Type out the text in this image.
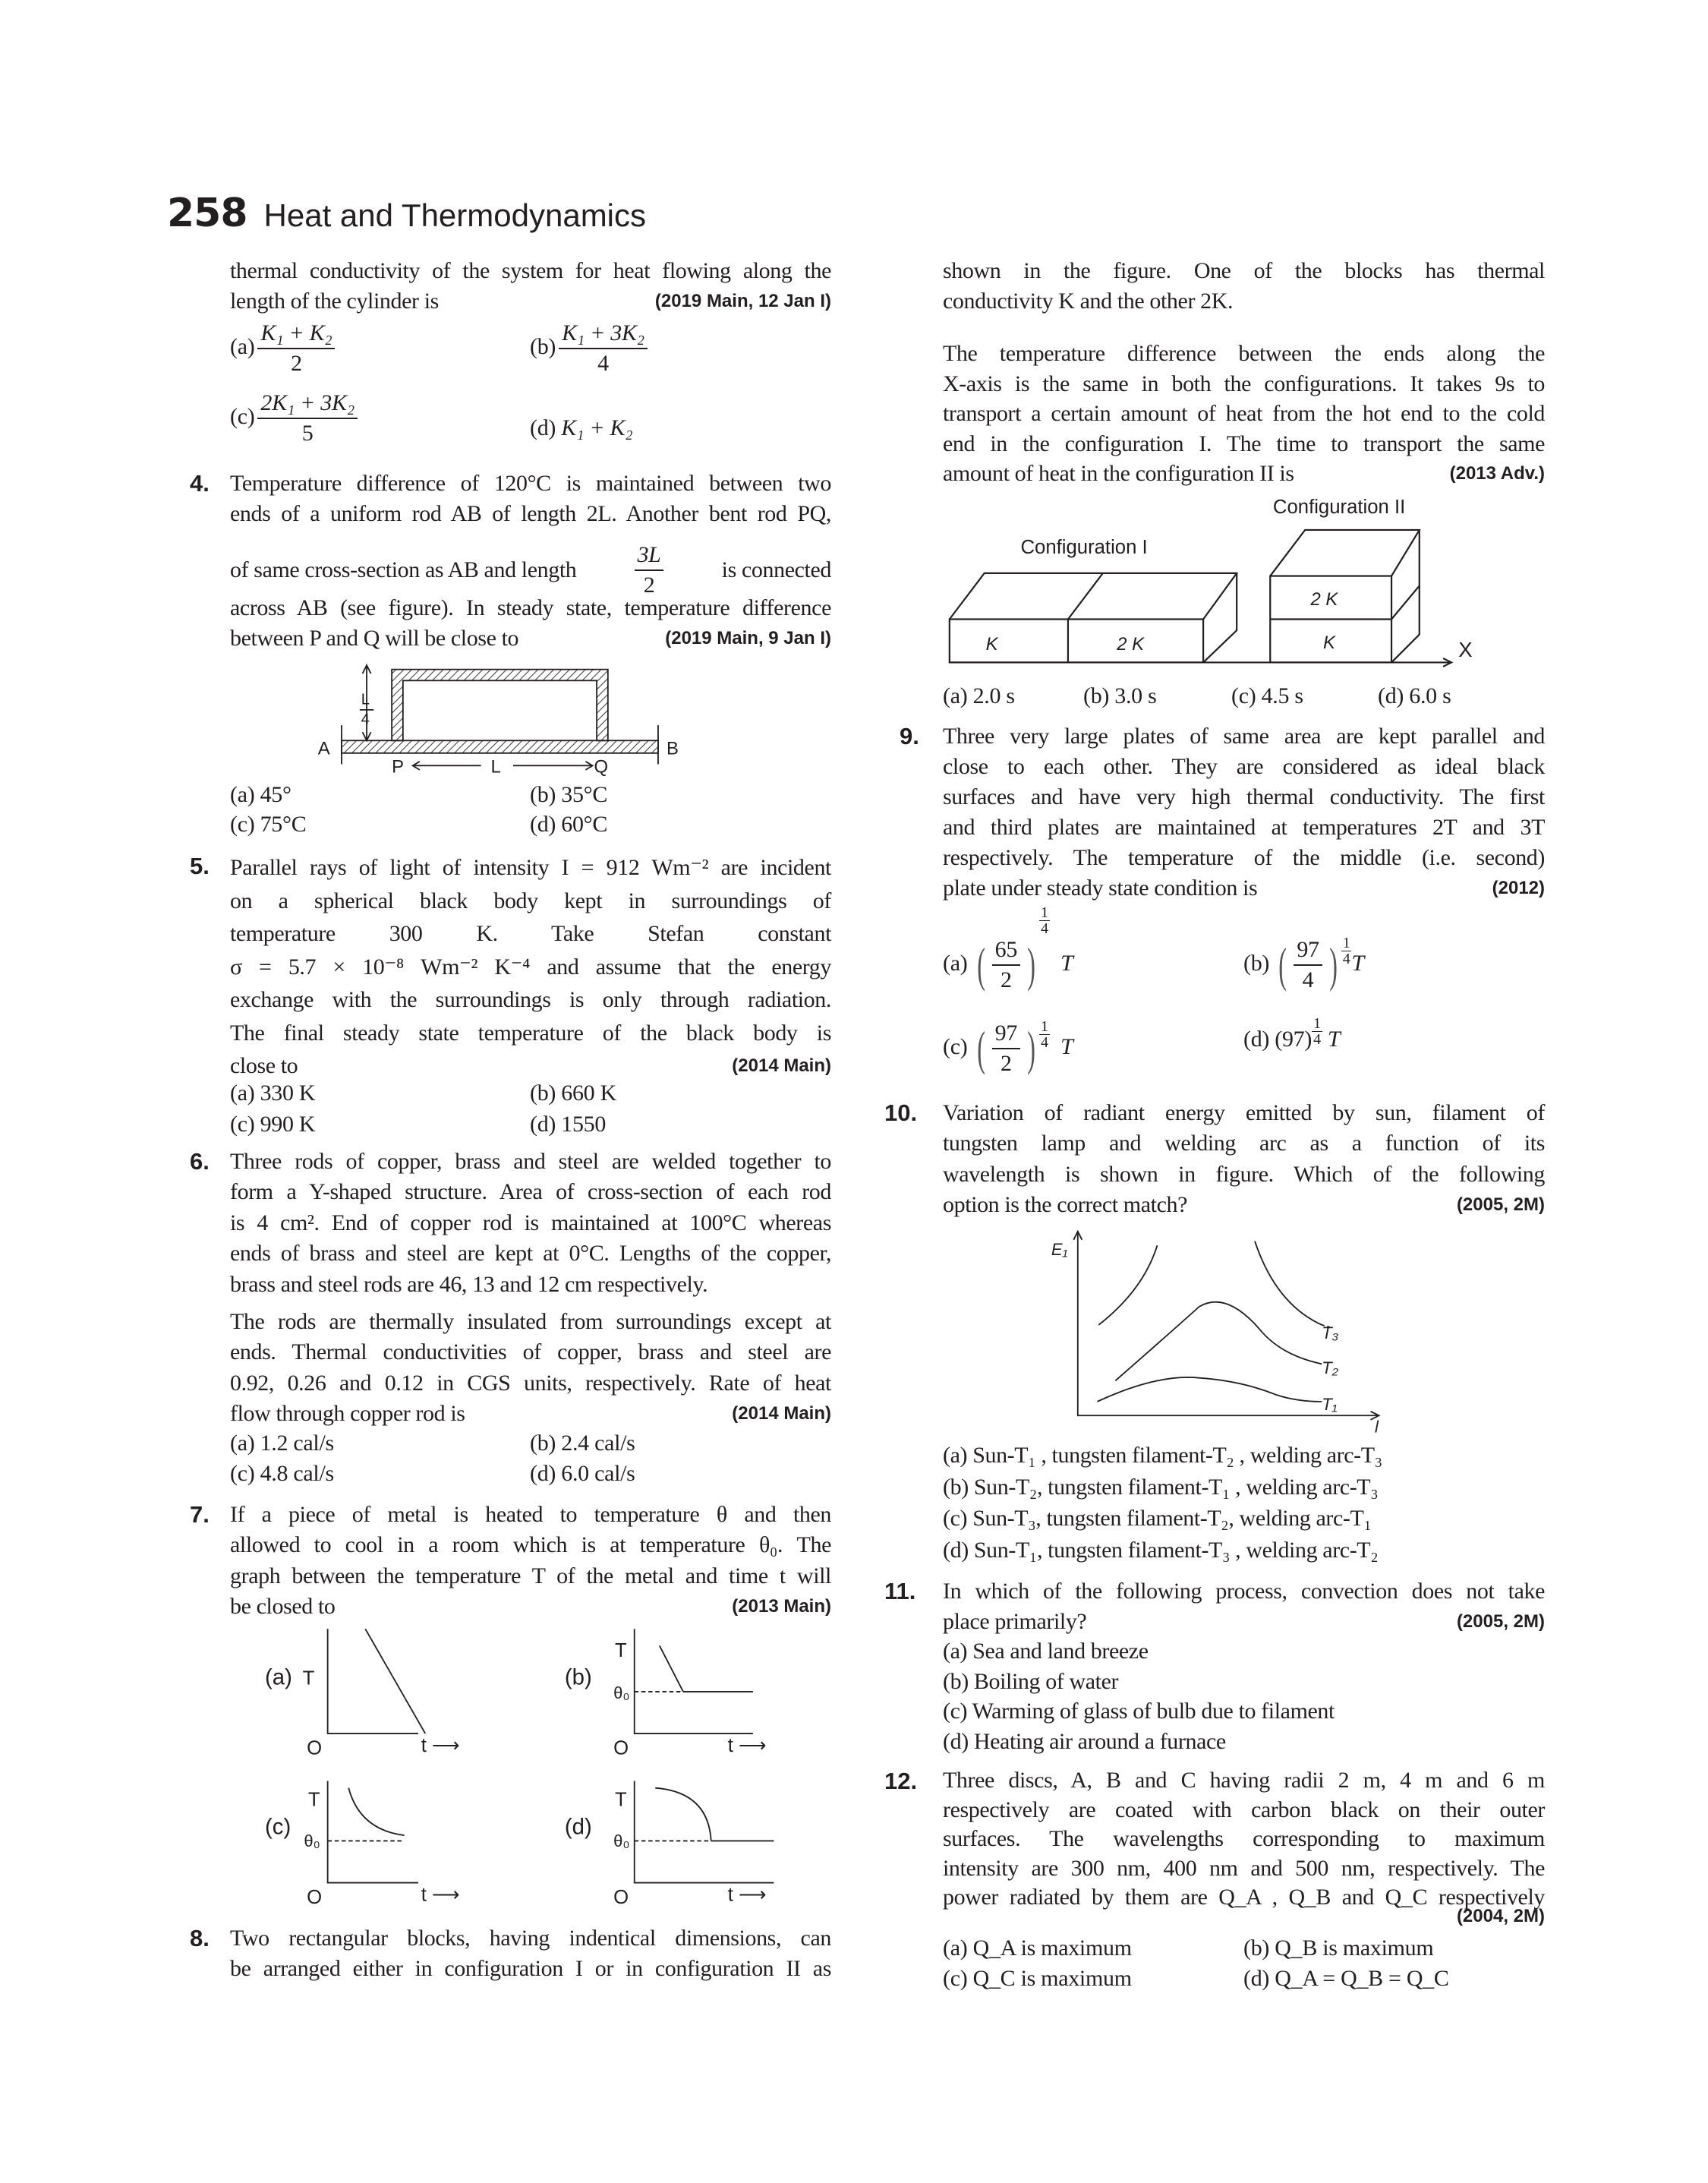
258 Heat and Thermodynamics
thermal conductivity of the system for heat flowing along the
length of the cylinder is	(2019 Main, 12 Jan I)
$(a) \frac{\text{K₁ + K₂}}{2}$	$(b) \frac{\text{K₁ + 3K₂}}{4}$
$(c) \frac{\text{2K₁ + 3K₂}}{5}$	(d) K₁ + K₂
4. Temperature difference of 120°C is maintained between two
ends of a uniform rod AB of length 2L. Another bent rod PQ,
of same cross-section as AB and length	$\frac{3L}{2}$	is connected
across AB (see figure). In steady state, temperature difference
between P and Q will be close to	(2019 Main, 9 Jan I)
(a) 45°	(b) 35°C
(c) 75°C	(d) 60°C
5. Parallel rays of light of intensity I = 912 Wm⁻² are incident
on a spherical black body kept in surroundings of
temperature 300 K. Take Stefan constant
σ = 5.7 × 10⁻⁸ Wm⁻² K⁻⁴ and assume that the energy
exchange with the surroundings is only through radiation.
The final steady state temperature of the black body is
close to	(2014 Main)
(a) 330 K	(b) 660 K
(c) 990 K	(d) 1550
6. Three rods of copper, brass and steel are welded together to
form a Y-shaped structure. Area of cross-section of each rod
is 4 cm². End of copper rod is maintained at 100°C whereas
ends of brass and steel are kept at 0°C. Lengths of the copper,
brass and steel rods are 46, 13 and 12 cm respectively.
The rods are thermally insulated from surroundings except at
ends. Thermal conductivities of copper, brass and steel are
0.92, 0.26 and 0.12 in CGS units, respectively. Rate of heat
flow through copper rod is	(2014 Main)
(a) 1.2 cal/s	(b) 2.4 cal/s
(c) 4.8 cal/s	(d) 6.0 cal/s
7. If a piece of metal is heated to temperature θ and then
allowed to cool in a room which is at temperature θ₀. The
graph between the temperature T of the metal and time t will
be closed to	(2013 Main)
8. Two rectangular blocks, having indentical dimensions, can
be arranged either in configuration I or in configuration II as
shown in the figure. One of the blocks has thermal
conductivity K and the other 2K.
The temperature difference between the ends along the
X-axis is the same in both the configurations. It takes 9s to
transport a certain amount of heat from the hot end to the cold
end in the configuration I. The time to transport the same
amount of heat in the configuration II is	(2013 Adv.)
(a) 2.0 s	(b) 3.0 s	(c) 4.5 s	(d) 6.0 s
9. Three very large plates of same area are kept parallel and
close to each other. They are considered as ideal black
surfaces and have very high thermal conductivity. The first
and third plates are maintained at temperatures 2T and 3T
respectively. The temperature of the middle (i.e. second)
plate under steady state condition is	(2012)
(a) ( $\frac{65}{2}$ )
$\frac{1}{4}$
T	(b) ( $\frac{97}{4}$ ) $\frac{1}{4}$ T
(c) ( $\frac{97}{2}$ ) $\frac{1}{4}$ T	(d) $(97) \frac{1}{4}$ T
10. Variation of radiant energy emitted by sun, filament of
tungsten lamp and welding arc as a function of its
wavelength is shown in figure. Which of the following
option is the correct match?	(2005, 2M)
(a) Sun-T₁ , tungsten filament-T₂ , welding arc-T₃
(b) Sun-T₂, tungsten filament-T₁ , welding arc-T₃
(c) Sun-T₃, tungsten filament-T₂, welding arc-T₁
(d) Sun-T₁, tungsten filament-T₃ , welding arc-T₂
11. In which of the following process, convection does not take
place primarily?	(2005, 2M)
(a) Sea and land breeze
(b) Boiling of water
(c) Warming of glass of bulb due to filament
(d) Heating air around a furnace
12. Three discs, A, B and C having radii 2 m, 4 m and 6 m
respectively are coated with carbon black on their outer
surfaces. The wavelengths corresponding to maximum
intensity are 300 nm, 400 nm and 500 nm, respectively. The
power radiated by them are Q_A , Q_B and Q_C respectively
(2004, 2M)
(a) Q_A is maximum	(b) Q_B is maximum
(c) Q_C is maximum	(d) Q_A = Q_B = Q_C
A	B
P	Q
L
L
4
(a) T
O	t ⟶
(b)
T
θ₀
O	t ⟶
(c)
T
θ₀
O	t ⟶
(d)
T
θ₀
O	t ⟶
Configuration I
Configuration II
K	2 K
2 K
K	X
E₁
l
T₃
T₂
T₁
